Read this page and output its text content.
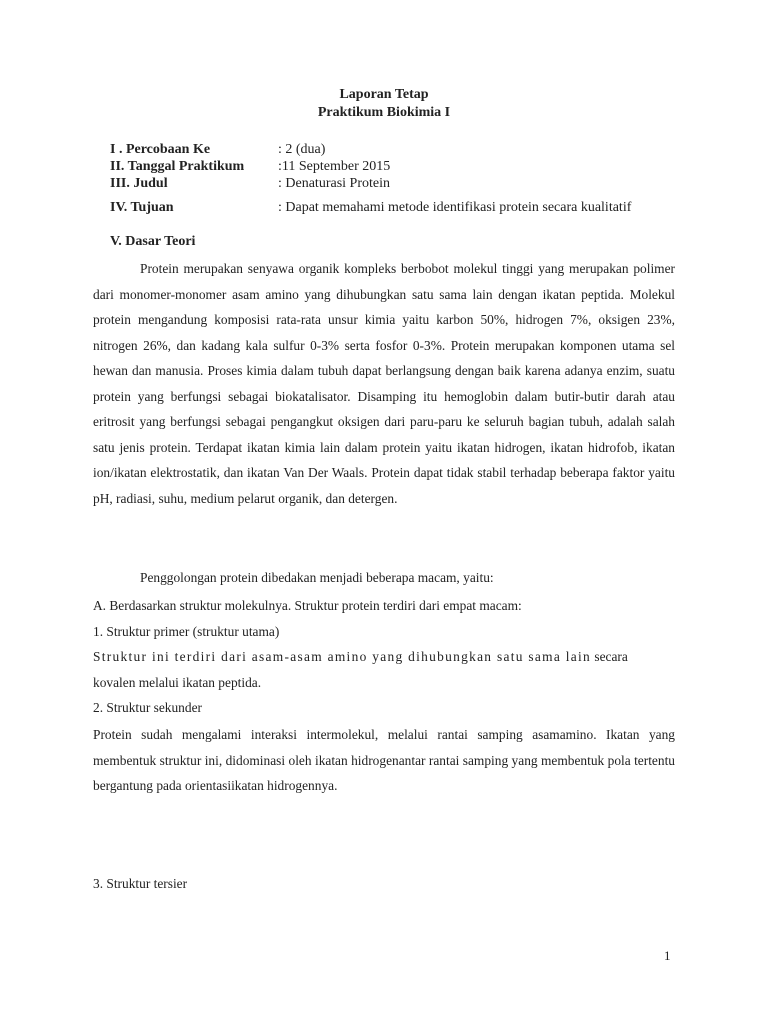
Laporan Tetap
Praktikum Biokimia I
I . Percobaan Ke	: 2 (dua)
II. Tanggal Praktikum :11 September 2015
III. Judul	: Denaturasi Protein
IV. Tujuan	: Dapat memahami metode identifikasi protein secara kualitatif
V. Dasar Teori

Protein merupakan senyawa organik kompleks berbobot molekul tinggi yang merupakan polimer dari monomer-monomer asam amino yang dihubungkan satu sama lain dengan ikatan peptida. Molekul protein mengandung komposisi rata-rata unsur kimia yaitu karbon 50%, hidrogen 7%, oksigen 23%, nitrogen 26%, dan kadang kala sulfur 0-3% serta fosfor 0-3%. Protein merupakan komponen utama sel hewan dan manusia. Proses kimia dalam tubuh dapat berlangsung dengan baik karena adanya enzim, suatu protein yang berfungsi sebagai biokatalisator. Disamping itu hemoglobin dalam butir-butir darah atau eritrosit yang berfungsi sebagai pengangkut oksigen dari paru-paru ke seluruh bagian tubuh, adalah salah satu jenis protein. Terdapat ikatan kimia lain dalam protein yaitu ikatan hidrogen, ikatan hidrofob, ikatan ion/ikatan elektrostatik, dan ikatan Van Der Waals. Protein dapat tidak stabil terhadap beberapa faktor yaitu pH, radiasi, suhu, medium pelarut organik, dan detergen.

Penggolongan protein dibedakan menjadi beberapa macam, yaitu:

A. Berdasarkan struktur molekulnya. Struktur protein terdiri dari empat macam:

1. Struktur primer (struktur utama)

Struktur ini terdiri dari asam-asam amino yang dihubungkan satu sama lain secara

kovalen melalui ikatan peptida.

2. Struktur sekunder

Protein sudah mengalami interaksi intermolekul, melalui rantai samping asamamino. Ikatan yang membentuk struktur ini, didominasi oleh ikatan hidrogenantar rantai samping yang membentuk pola tertentu bergantung pada orientasiikatan hidrogennya.

3. Struktur tersier

1
